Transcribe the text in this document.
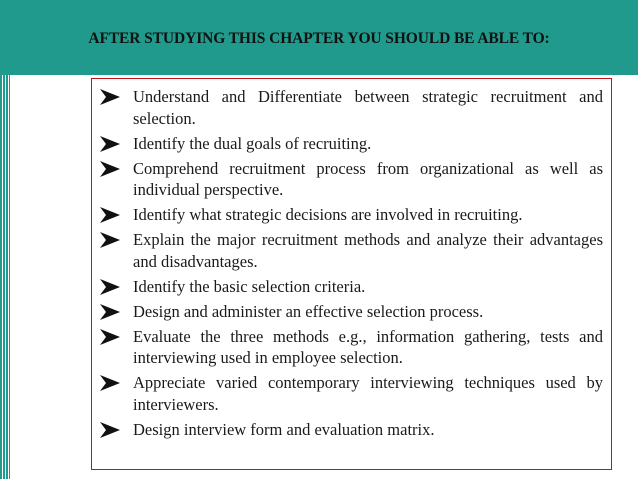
AFTER STUDYING THIS CHAPTER YOU SHOULD BE ABLE TO:
Understand and Differentiate between strategic recruitment and selection.
Identify the dual goals of recruiting.
Comprehend recruitment process from organizational as well as individual perspective.
Identify what strategic decisions are involved in recruiting.
Explain the major recruitment methods and analyze their advantages and disadvantages.
Identify the basic selection criteria.
Design and administer an effective selection process.
Evaluate the three methods e.g., information gathering, tests and interviewing used in employee selection.
Appreciate varied contemporary interviewing techniques used by interviewers.
Design interview form and evaluation matrix.
